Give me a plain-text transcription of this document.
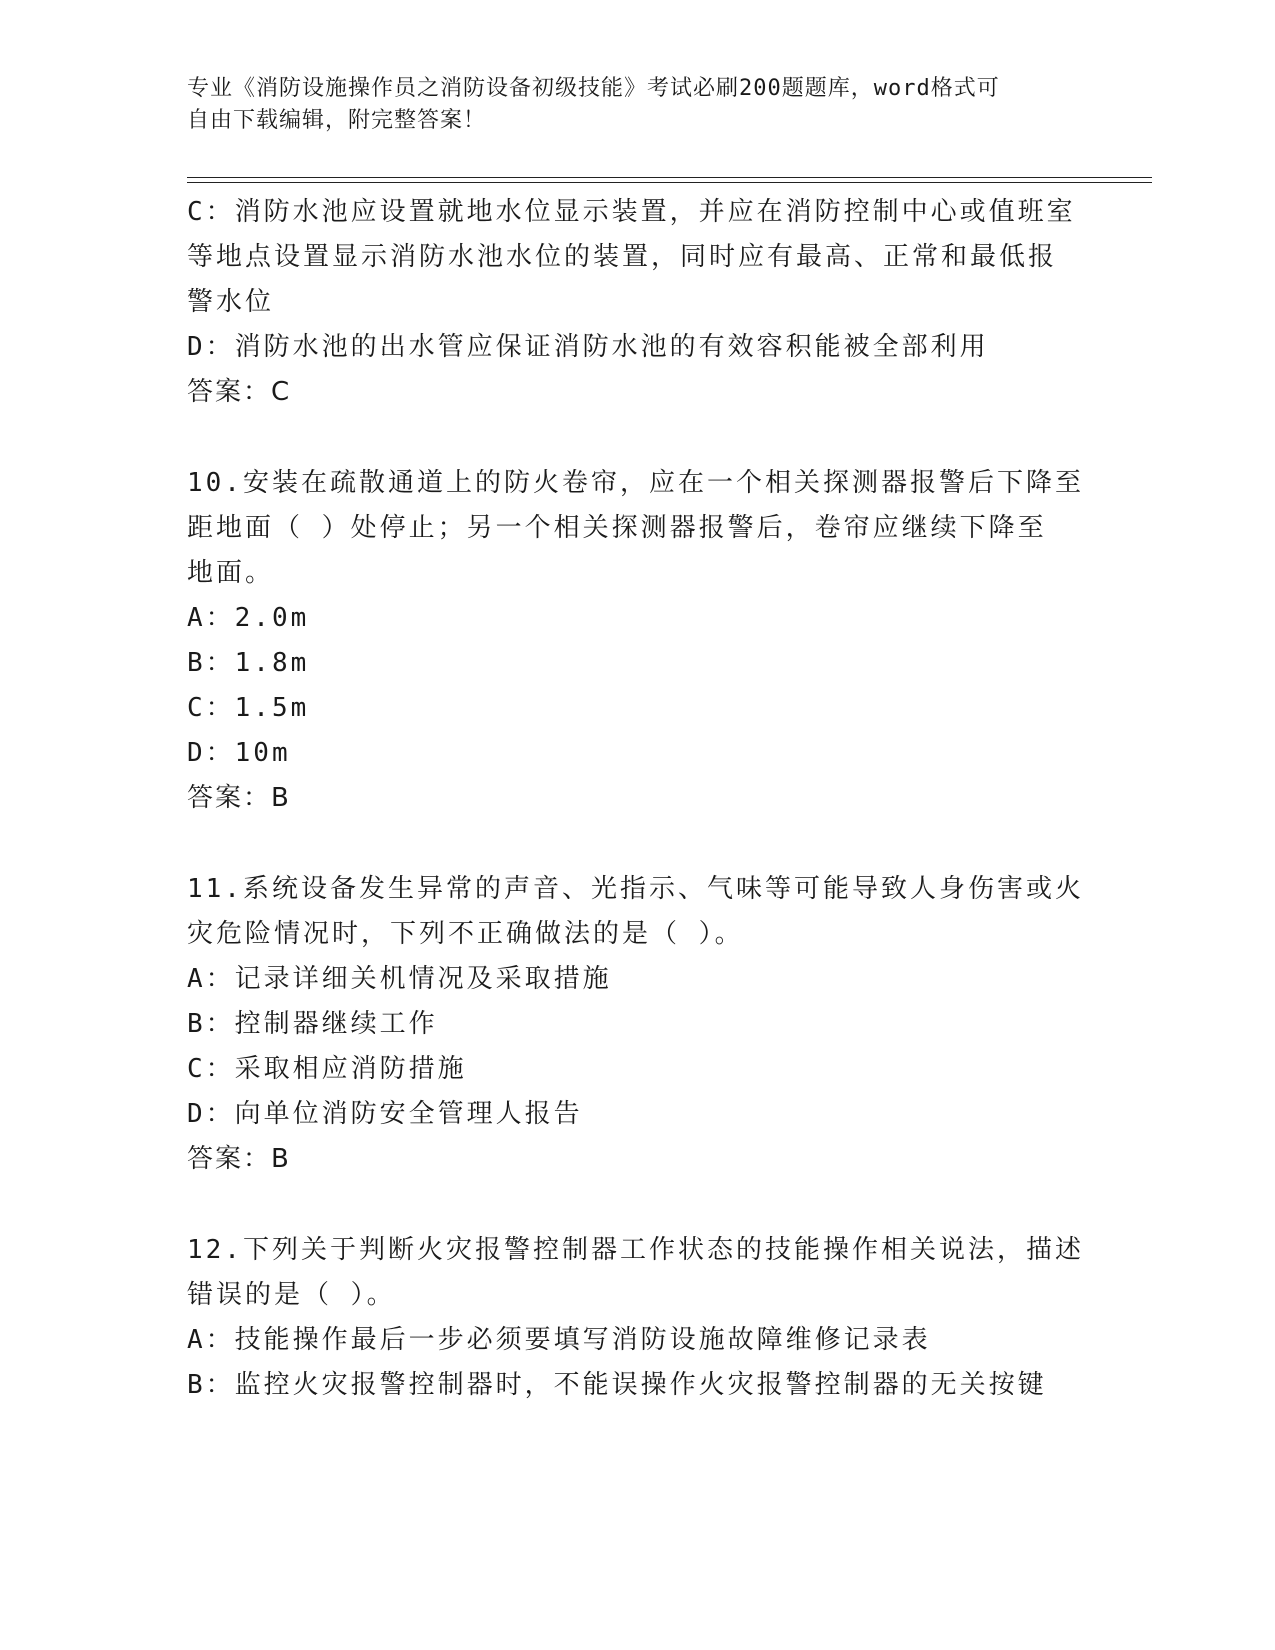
专业《消防设施操作员之消防设备初级技能》考试必刷200题题库，word格式可
自由下载编辑，附完整答案！
C：消防水池应设置就地水位显示装置，并应在消防控制中心或值班室
等地点设置显示消防水池水位的装置，同时应有最高、正常和最低报
警水位
D：消防水池的出水管应保证消防水池的有效容积能被全部利用
答案：C
10.安装在疏散通道上的防火卷帘，应在一个相关探测器报警后下降至
距地面（ ）处停止；另一个相关探测器报警后，卷帘应继续下降至
地面。
A：2.0m
B：1.8m
C：1.5m
D：10m
答案：B
11.系统设备发生异常的声音、光指示、气味等可能导致人身伤害或火
灾危险情况时，下列不正确做法的是（ ）。
A：记录详细关机情况及采取措施
B：控制器继续工作
C：采取相应消防措施
D：向单位消防安全管理人报告
答案：B
12.下列关于判断火灾报警控制器工作状态的技能操作相关说法，描述
错误的是（ ）。
A：技能操作最后一步必须要填写消防设施故障维修记录表
B：监控火灾报警控制器时，不能误操作火灾报警控制器的无关按键
